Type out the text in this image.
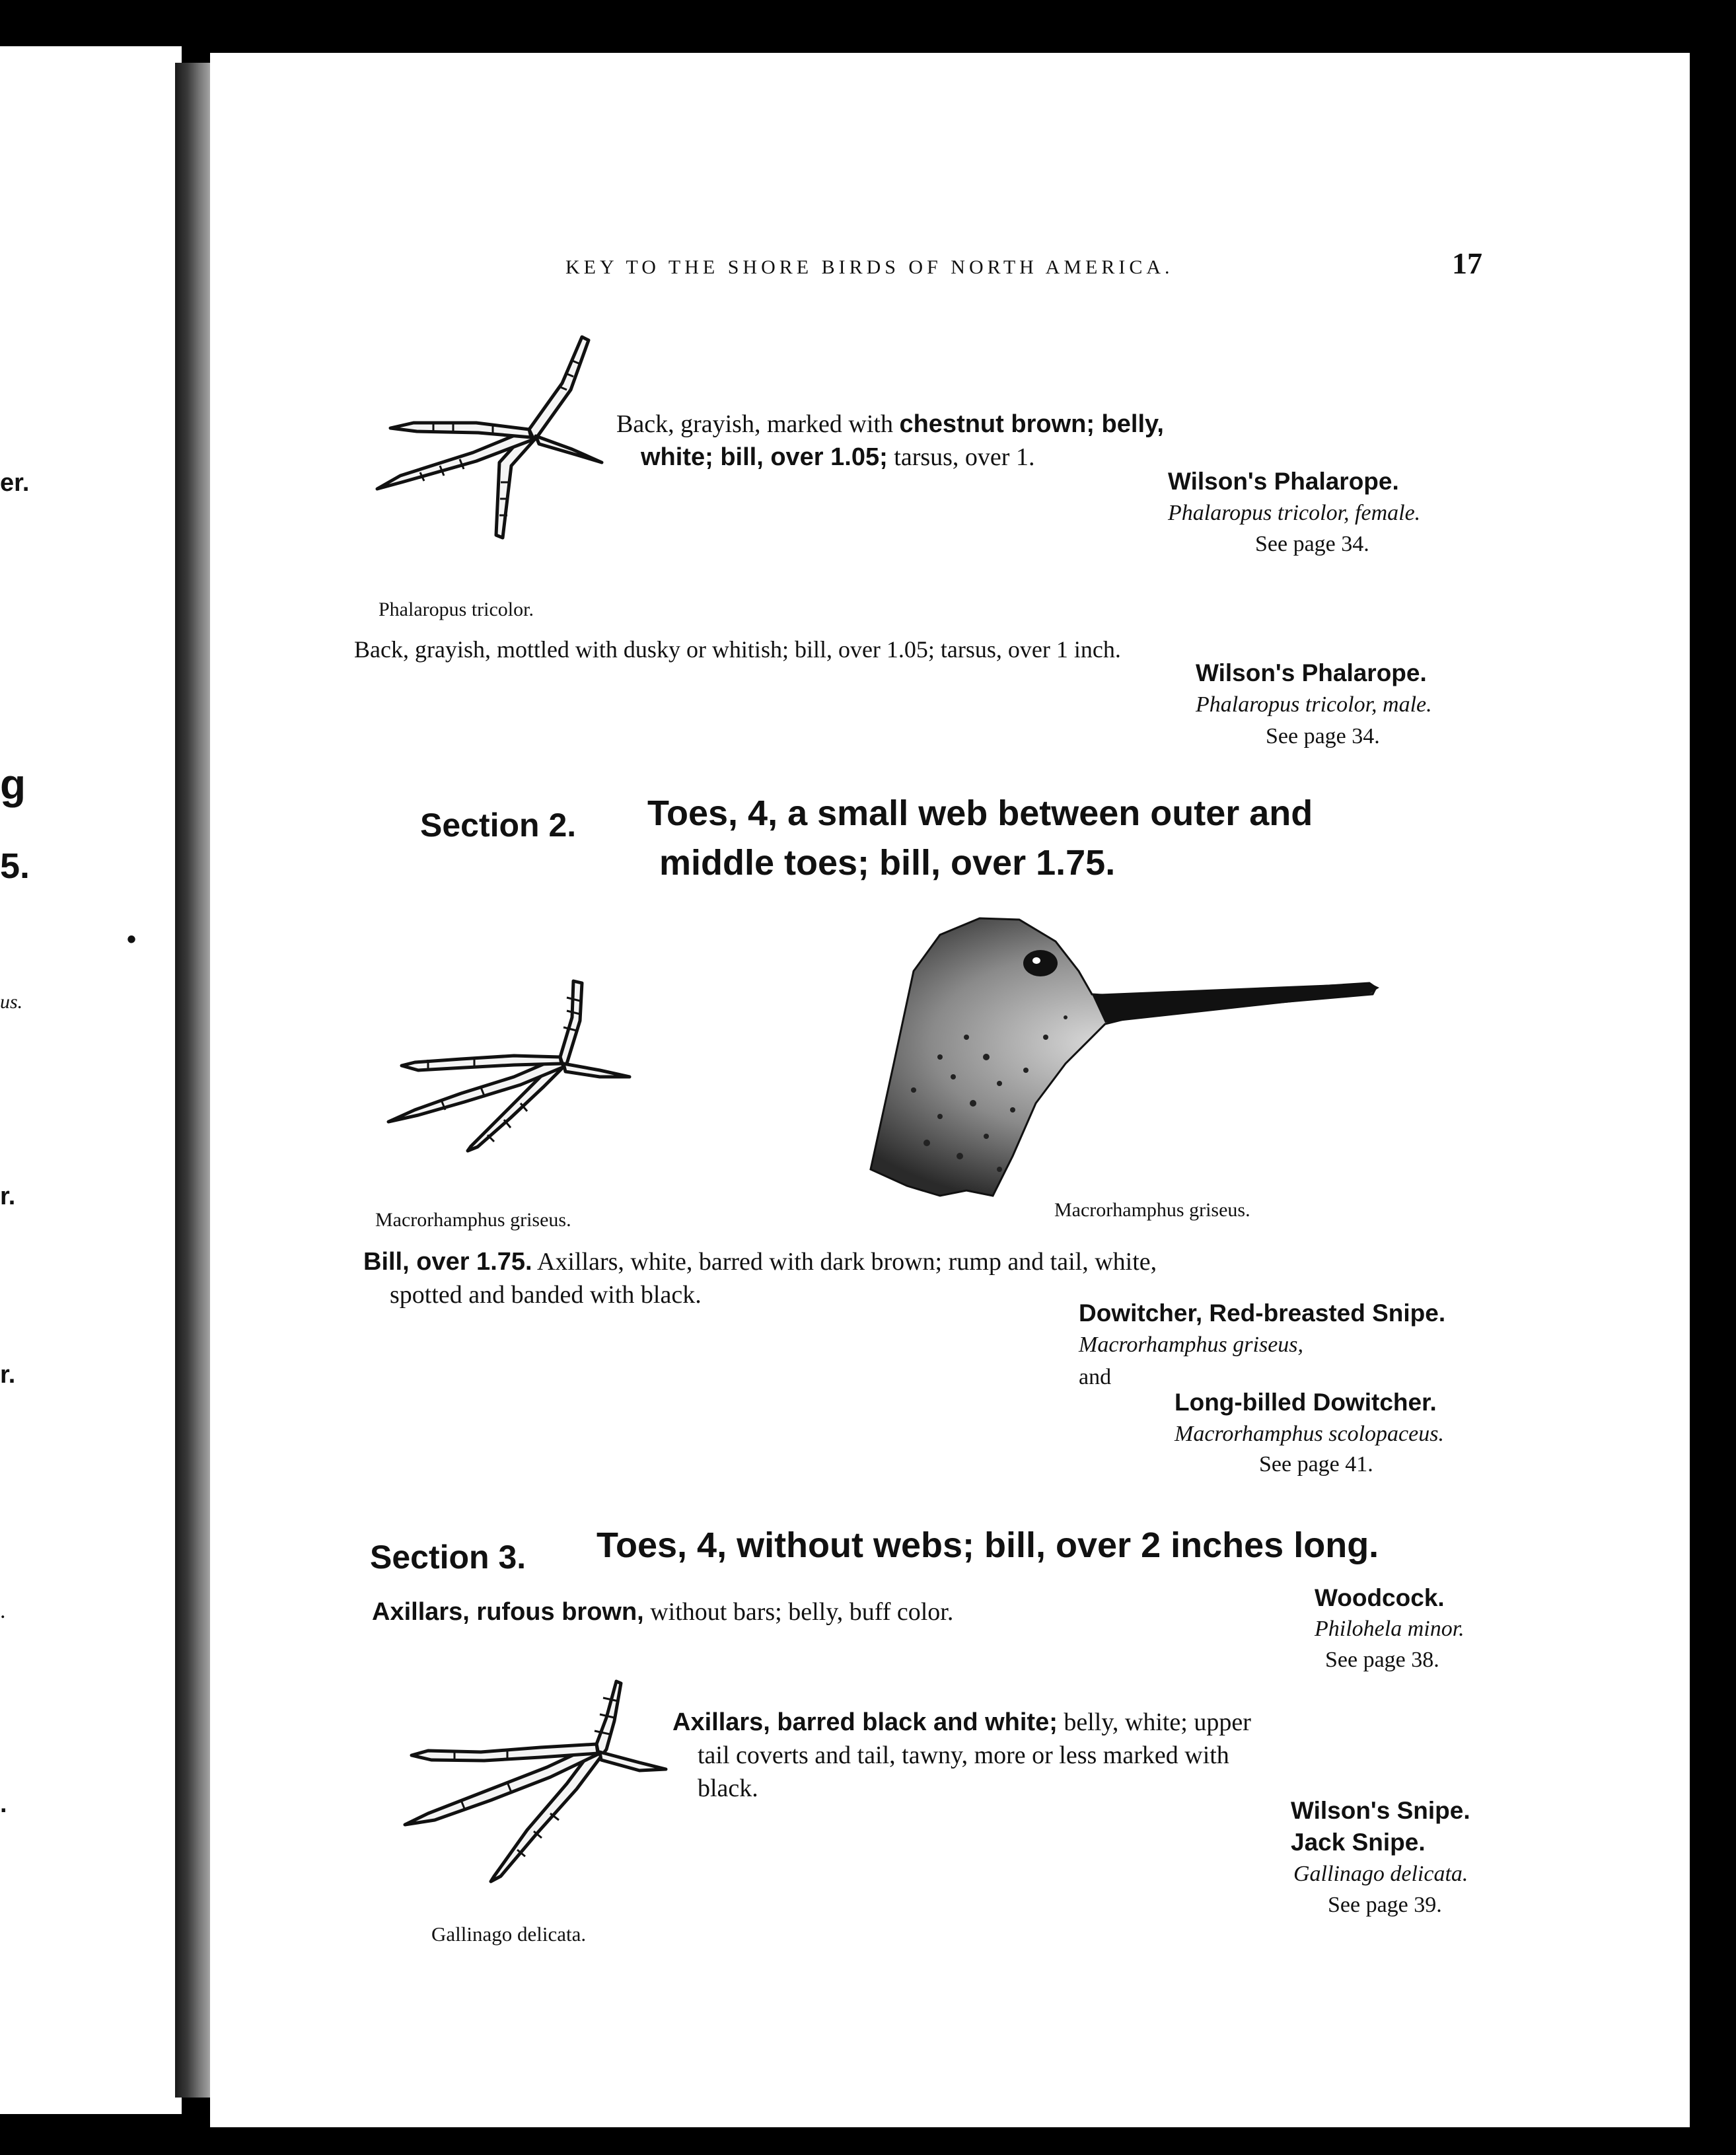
er.
g
5.
•
us.
r.
r.
.
.
KEY TO THE SHORE BIRDS OF NORTH AMERICA.	17
Phalaropus tricolor.
Back, grayish, marked with chestnut brown; belly,
white; bill, over 1.05; tarsus, over 1.
Wilson's Phalarope.
Phalaropus tricolor, female.
See page 34.
Back, grayish, mottled with dusky or whitish; bill, over 1.05; tarsus, over 1 inch.
Wilson's Phalarope.
Phalaropus tricolor, male.
See page 34.
Section 2. Toes, 4, a small web between outer and
middle toes; bill, over 1.75.
Macrorhamphus griseus.	Macrorhamphus griseus.
Bill, over 1.75. Axillars, white, barred with dark brown; rump and tail, white,
spotted and banded with black.
Dowitcher, Red-breasted Snipe.
Macrorhamphus griseus,
and
Long-billed Dowitcher.
Macrorhamphus scolopaceus.
See page 41.
Section 3. Toes, 4, without webs; bill, over 2 inches long.
Axillars, rufous brown, without bars; belly, buff color.
Woodcock.
Philohela minor.
See page 38.
Gallinago delicata.
Axillars, barred black and white; belly, white; upper
tail coverts and tail, tawny, more or less marked with
black.
Wilson's Snipe.
Jack Snipe.
Gallinago delicata.
See page 39.
